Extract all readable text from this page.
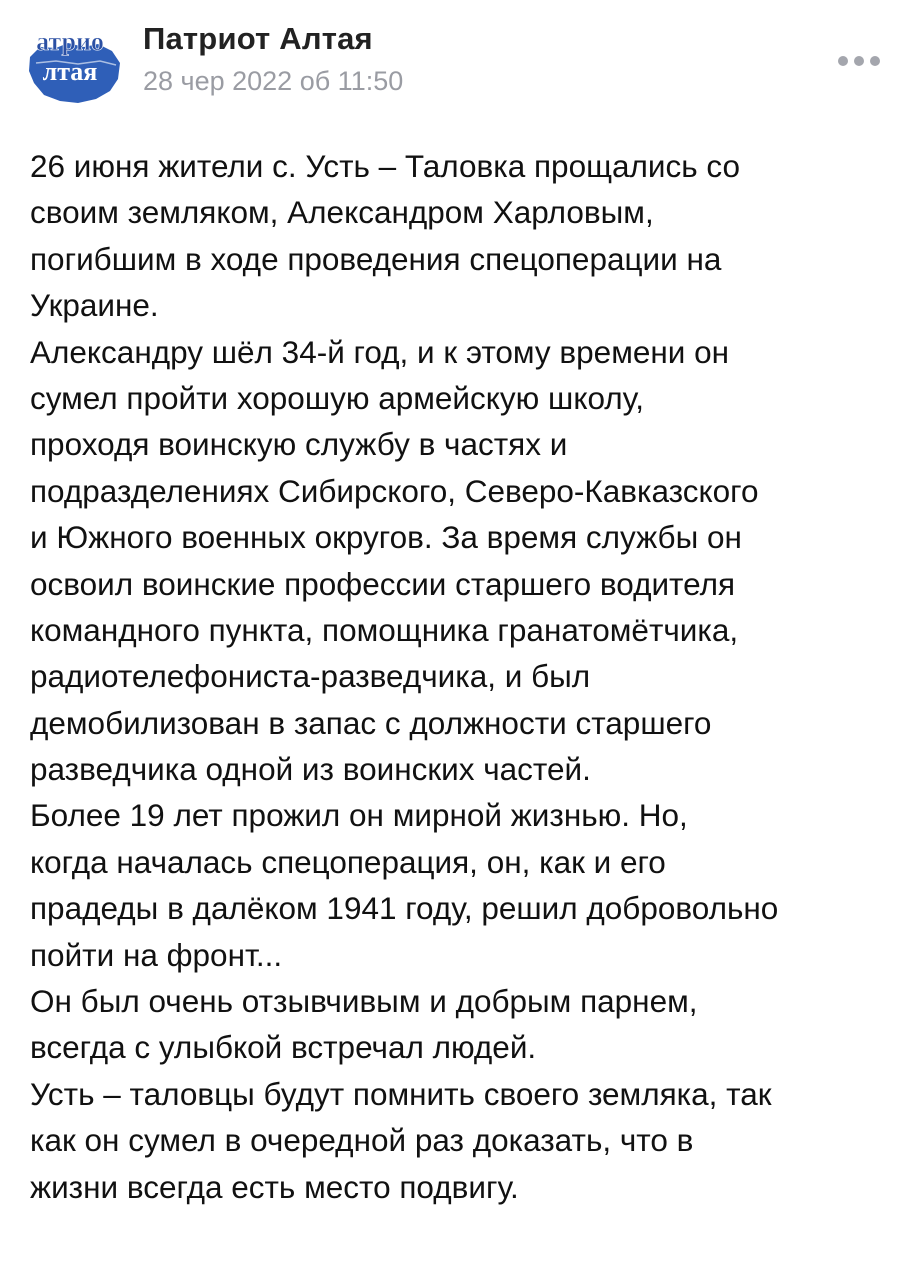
атрио
лтая
Патриот Алтая
28 чер 2022 об 11:50
26 июня жители с. Усть – Таловка прощались со
своим земляком, Александром Харловым,
погибшим в ходе проведения спецоперации на
Украине.
Александру шёл 34-й год, и к этому времени он
сумел пройти хорошую армейскую школу,
проходя воинскую службу в частях и
подразделениях Сибирского, Северо-Кавказского
и Южного военных округов. За время службы он
освоил воинские профессии старшего водителя
командного пункта, помощника гранатомётчика,
радиотелефониста-разведчика, и был
демобилизован в запас с должности старшего
разведчика одной из воинских частей.
Более 19 лет прожил он мирной жизнью. Но,
когда началась спецоперация, он, как и его
прадеды в далёком 1941 году, решил добровольно
пойти на фронт...
Он был очень отзывчивым и добрым парнем,
всегда с улыбкой встречал людей.
Усть – таловцы будут помнить своего земляка, так
как он сумел в очередной раз доказать, что в
жизни всегда есть место подвигу.
